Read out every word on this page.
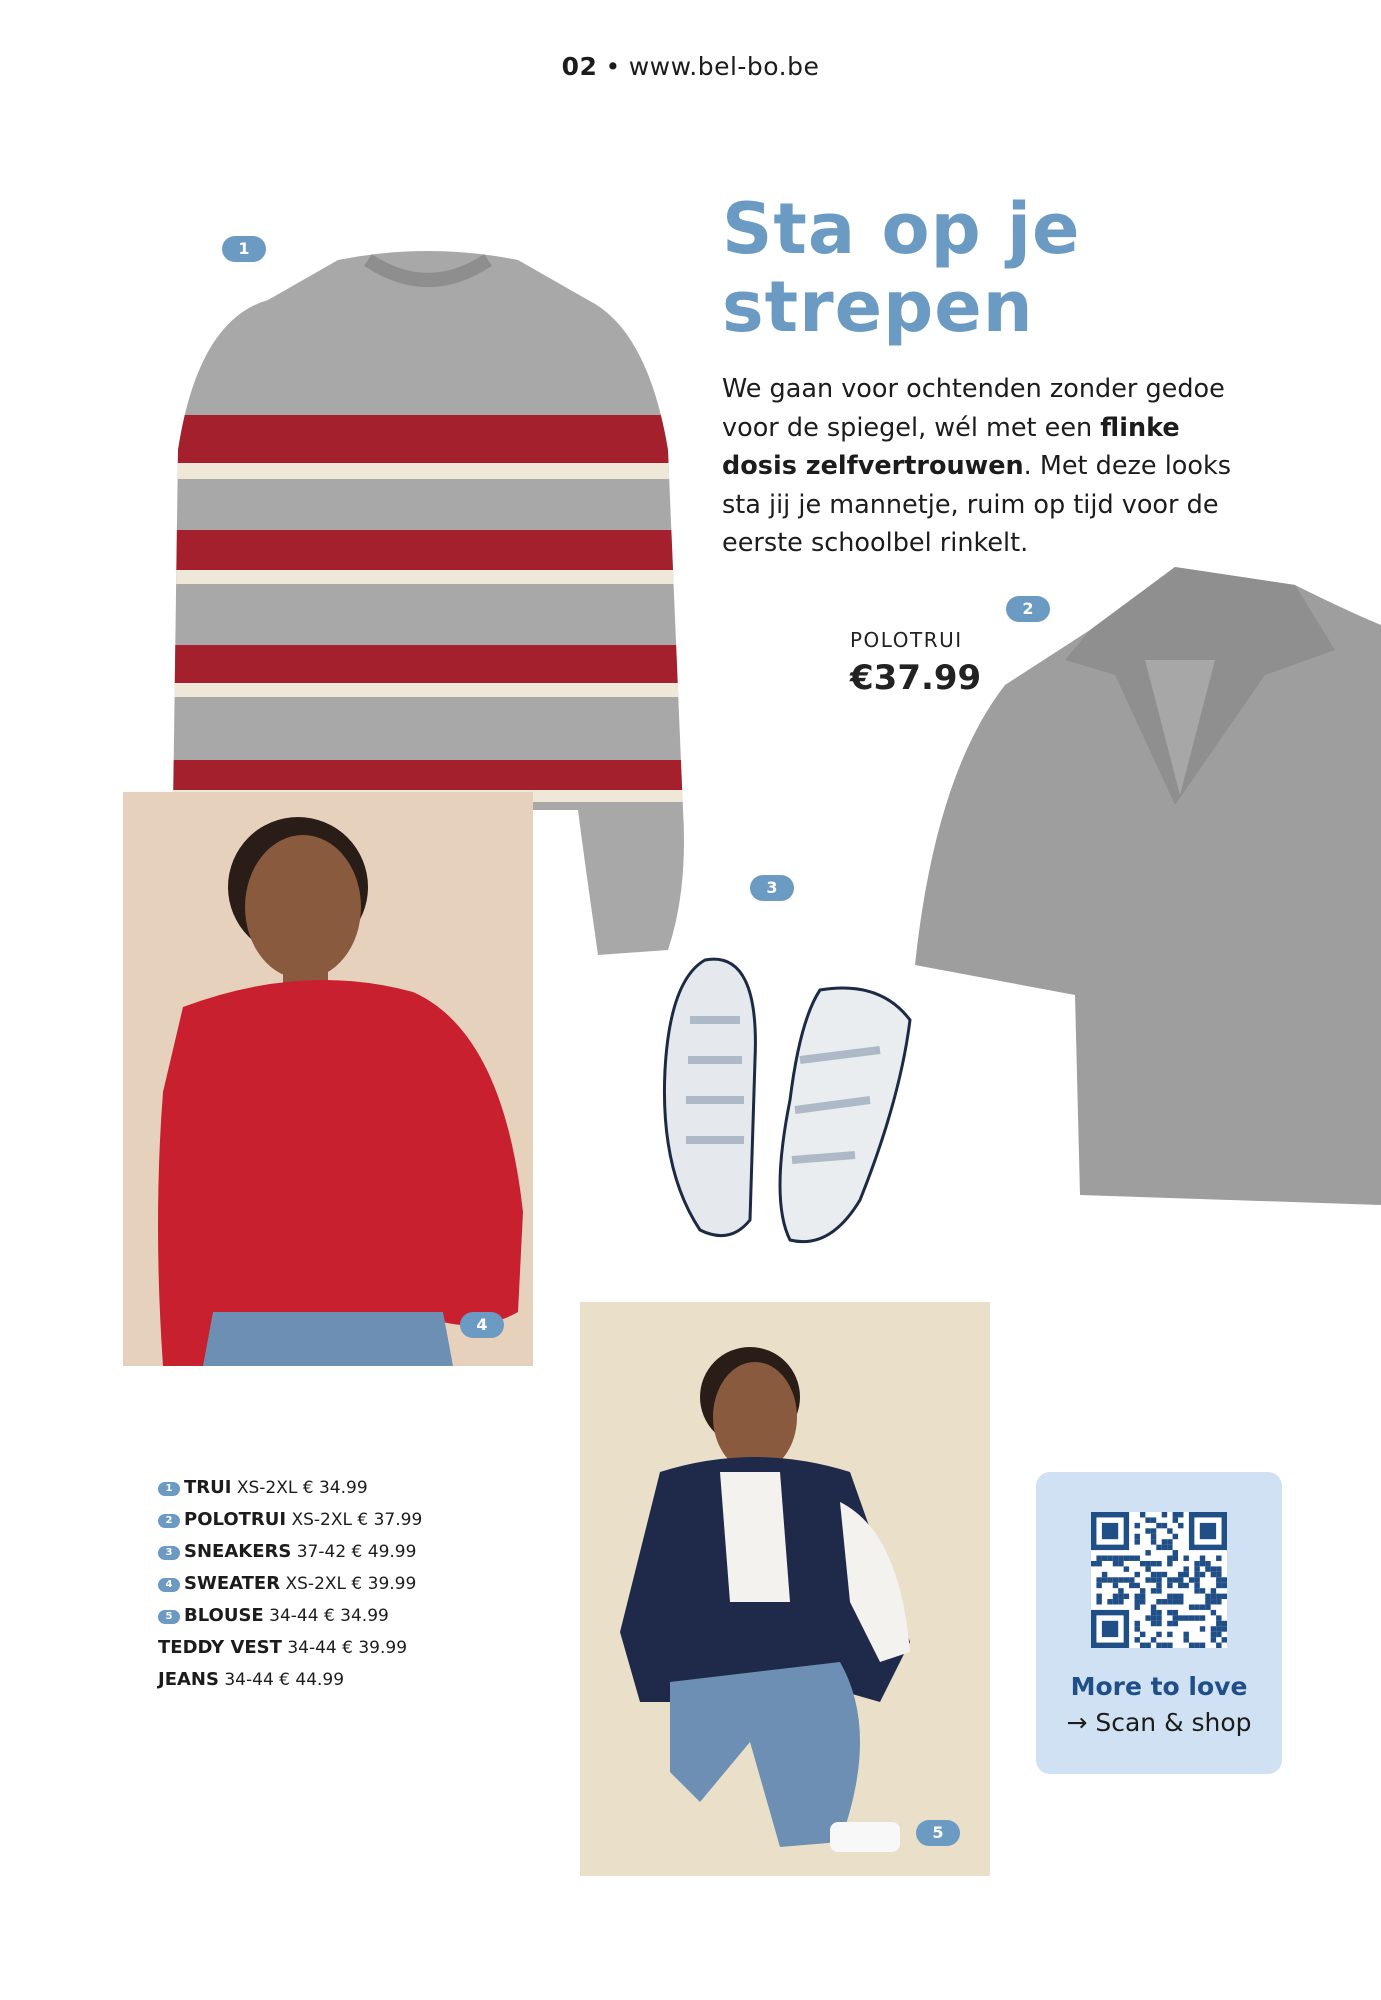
02 • www.bel-bo.be
Sta op je
strepen

We gaan voor ochtenden zonder gedoe voor de spiegel, wél met een flinke dosis zelfvertrouwen. Met deze looks sta jij je mannetje, ruim op tijd voor de eerste schoolbel rinkelt.

1
2
POLOTRUI
€37.99
3
4
5
1 TRUI XS-2XL € 34.99
2 POLOTRUI XS-2XL € 37.99
3 SNEAKERS 37-42 € 49.99
4 SWEATER XS-2XL € 39.99
5 BLOUSE 34-44 € 34.99
TEDDY VEST 34-44 € 39.99
JEANS 34-44 € 44.99	More to love
→ Scan & shop
